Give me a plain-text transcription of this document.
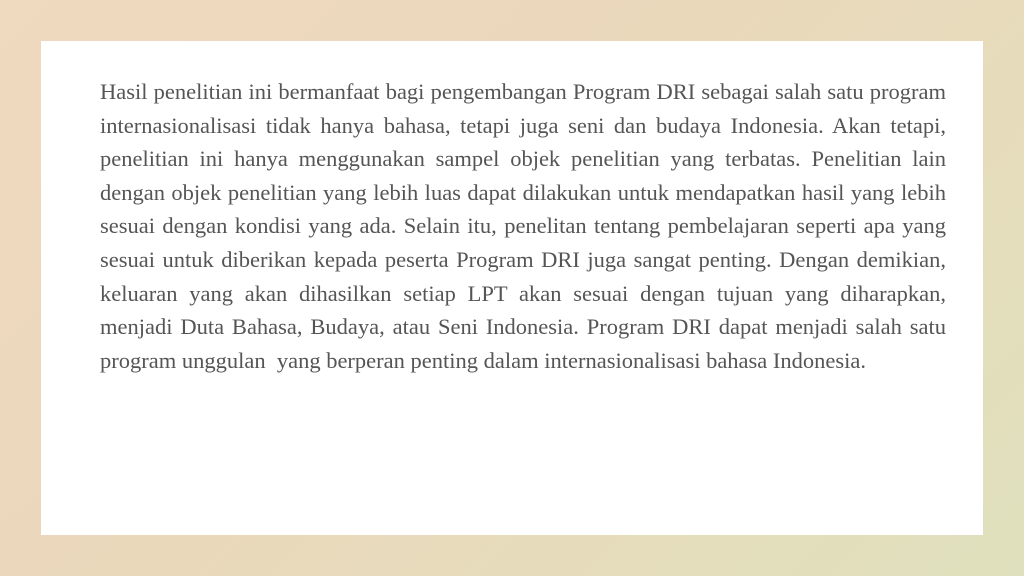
Hasil penelitian ini bermanfaat bagi pengembangan Program DRI sebagai salah satu program internasionalisasi tidak hanya bahasa, tetapi juga seni dan budaya Indonesia. Akan tetapi, penelitian ini hanya menggunakan sampel objek penelitian yang terbatas. Penelitian lain dengan objek penelitian yang lebih luas dapat dilakukan untuk mendapatkan hasil yang lebih sesuai dengan kondisi yang ada. Selain itu, penelitan tentang pembelajaran seperti apa yang sesuai untuk diberikan kepada peserta Program DRI juga sangat penting. Dengan demikian, keluaran yang akan dihasilkan setiap LPT akan sesuai dengan tujuan yang diharapkan, menjadi Duta Bahasa, Budaya, atau Seni Indonesia. Program DRI dapat menjadi salah satu program unggulan  yang berperan penting dalam internasionalisasi bahasa Indonesia.
